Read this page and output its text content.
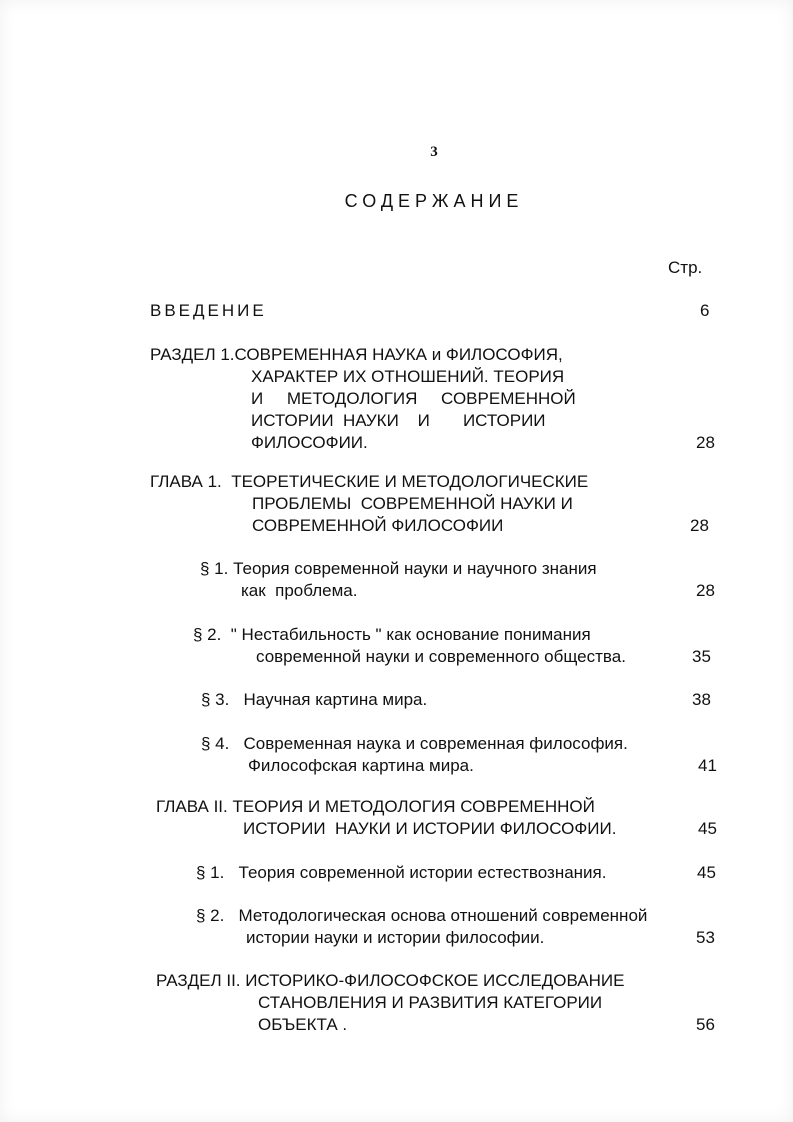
3
СОДЕРЖАНИЕ
Стр.
ВВЕДЕНИЕ	6
РАЗДЕЛ 1.СОВРЕМЕННАЯ НАУКА и ФИЛОСОФИЯ,
ХАРАКТЕР ИХ ОТНОШЕНИЙ. ТЕОРИЯ
И     МЕТОДОЛОГИЯ     СОВРЕМЕННОЙ
ИСТОРИИ  НАУКИ    И       ИСТОРИИ
ФИЛОСОФИИ.	28
ГЛАВА 1.  ТЕОРЕТИЧЕСКИЕ И МЕТОДОЛОГИЧЕСКИЕ
ПРОБЛЕМЫ  СОВРЕМЕННОЙ НАУКИ И
СОВРЕМЕННОЙ ФИЛОСОФИИ	28
§ 1. Теория современной науки и научного знания
как  проблема.	28
§ 2.  " Нестабильность " как основание понимания
современной науки и современного общества.	35
§ 3.   Научная картина мира.	38
§ 4.   Современная наука и современная философия.
Философская картина мира.	41
ГЛАВА II. ТЕОРИЯ И МЕТОДОЛОГИЯ СОВРЕМЕННОЙ
ИСТОРИИ  НАУКИ И ИСТОРИИ ФИЛОСОФИИ.	45
§ 1.   Теория современной истории естествознания.	45
§ 2.   Методологическая основа отношений современной
истории науки и истории философии.	53
РАЗДЕЛ II. ИСТОРИКО-ФИЛОСОФСКОЕ ИССЛЕДОВАНИЕ
СТАНОВЛЕНИЯ И РАЗВИТИЯ КАТЕГОРИИ
ОБЪЕКТА .	56
